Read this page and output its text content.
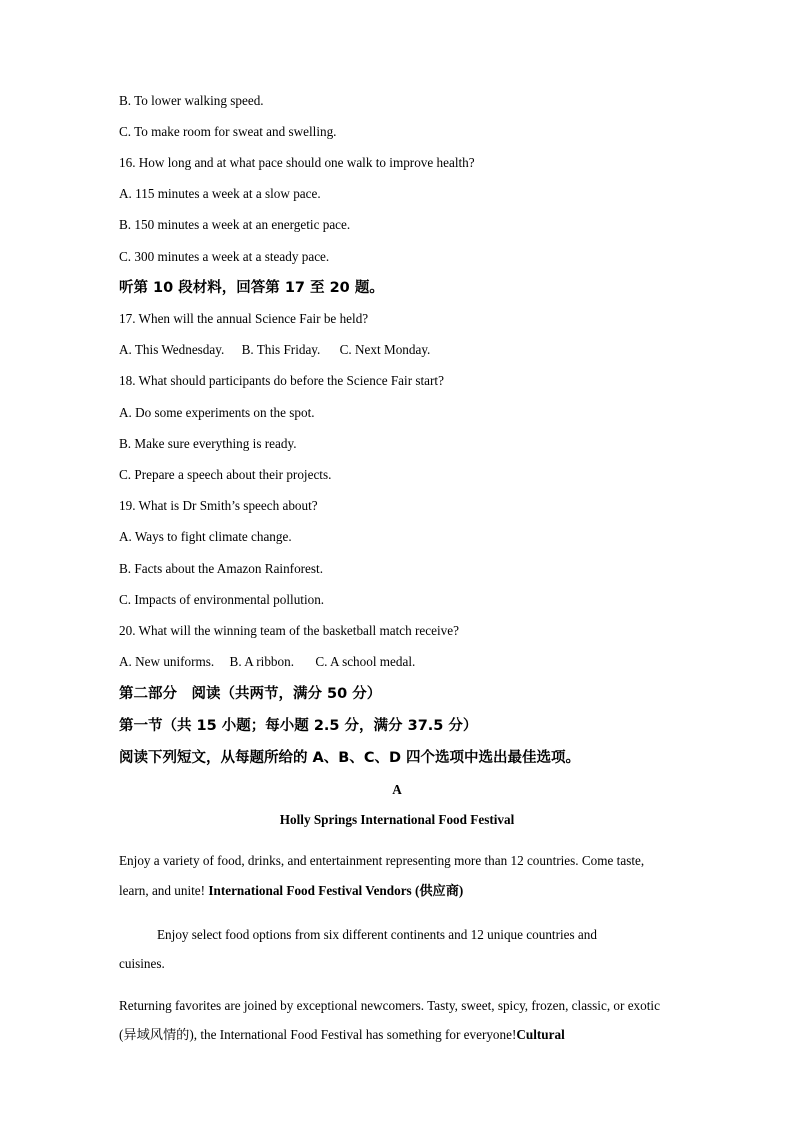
B. To lower walking speed.
C. To make room for sweat and swelling.
16. How long and at what pace should one walk to improve health?
A. 115 minutes a week at a slow pace.
B. 150 minutes a week at an energetic pace.
C. 300 minutes a week at a steady pace.
听第 10 段材料，回答第 17 至 20 题。
17. When will the annual Science Fair be held?
A. This Wednesday. B. This Friday. C. Next Monday.
18. What should participants do before the Science Fair start?
A. Do some experiments on the spot.
B. Make sure everything is ready.
C. Prepare a speech about their projects.
19. What is Dr Smith’s speech about?
A. Ways to fight climate change.
B. Facts about the Amazon Rainforest.
C. Impacts of environmental pollution.
20. What will the winning team of the basketball match receive?
A. New uniforms. B. A ribbon. C. A school medal.
第二部分　阅读（共两节，满分 50 分）
第一节（共 15 小题；每小题 2.5 分，满分 37.5 分）
阅读下列短文，从每题所给的 A、B、C、D 四个选项中选出最佳选项。
A
Holly Springs International Food Festival
Enjoy a variety of food, drinks, and entertainment representing more than 12 countries. Come taste, learn, and unite! International Food Festival Vendors (供应商)
Enjoy select food options from six different continents and 12 unique countries and cuisines.
Returning favorites are joined by exceptional newcomers. Tasty, sweet, spicy, frozen, classic, or exotic (异域风情的), the International Food Festival has something for everyone!Cultural
